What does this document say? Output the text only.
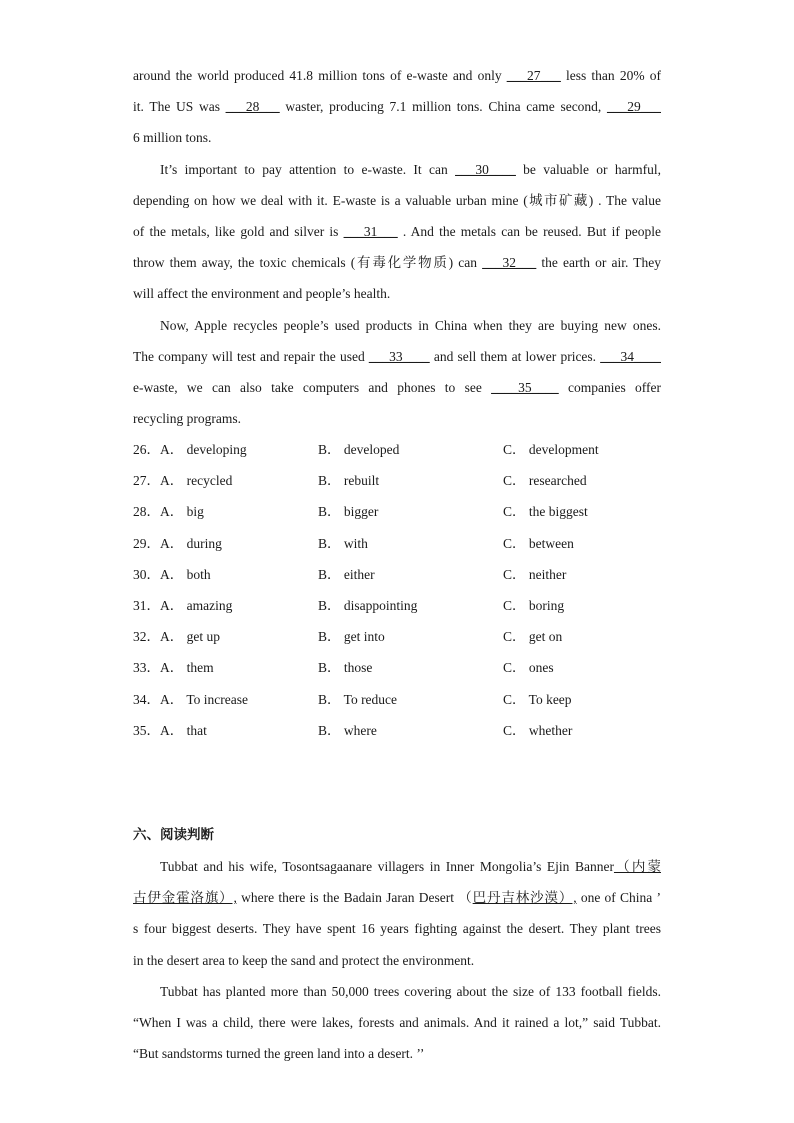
around the world produced 41.8 million tons of e-waste and only ___27___ less than 20% of
it. The US was ___28___ waster, producing 7.1 million tons. China came second, ___29___
6 million tons.
It’s important to pay attention to e-waste. It can ___30____ be valuable or harmful,
depending on how we deal with it. E-waste is a valuable urban mine (城市矿藏) . The value
of the metals, like gold and silver is ___31___ . And the metals can be reused. But if people
throw them away, the toxic chemicals (有毒化学物质) can ___32___ the earth or air. They
will affect the environment and people’s health.
Now, Apple recycles people’s used products in China when they are buying new ones.
The company will test and repair the used ___33____ and sell them at lower prices. ___34____
e-waste, we can also take computers and phones to see ____35____ companies offer
recycling programs.
26．A． developing	B． developed	C． development
27．A． recycled	B． rebuilt	C． researched
28．A． big	B． bigger	C． the biggest
29．A． during	B． with	C． between
30．A． both	B． either	C． neither
31．A． amazing	B． disappointing	C． boring
32．A． get up	B． get into	C． get on
33．A． them	B． those	C． ones
34．A． To increase	B． To reduce	C． To keep
35．A． that	B． where	C． whether
六、阅读判断
Tubbat and his wife, Tosontsagaanare villagers in Inner Mongolia’s Ejin Banner（内蒙
古伊金霍洛旗）, where there is the Badain Jaran Desert （巴丹吉林沙漠）, one of China ’
s four biggest deserts. They have spent 16 years fighting against the desert. They plant trees
in the desert area to keep the sand and protect the environment.
Tubbat has planted more than 50,000 trees covering about the size of 133 football fields.
“When I was a child, there were lakes, forests and animals. And it rained a lot,” said Tubbat.
“But sandstorms turned the green land into a desert. ’’
